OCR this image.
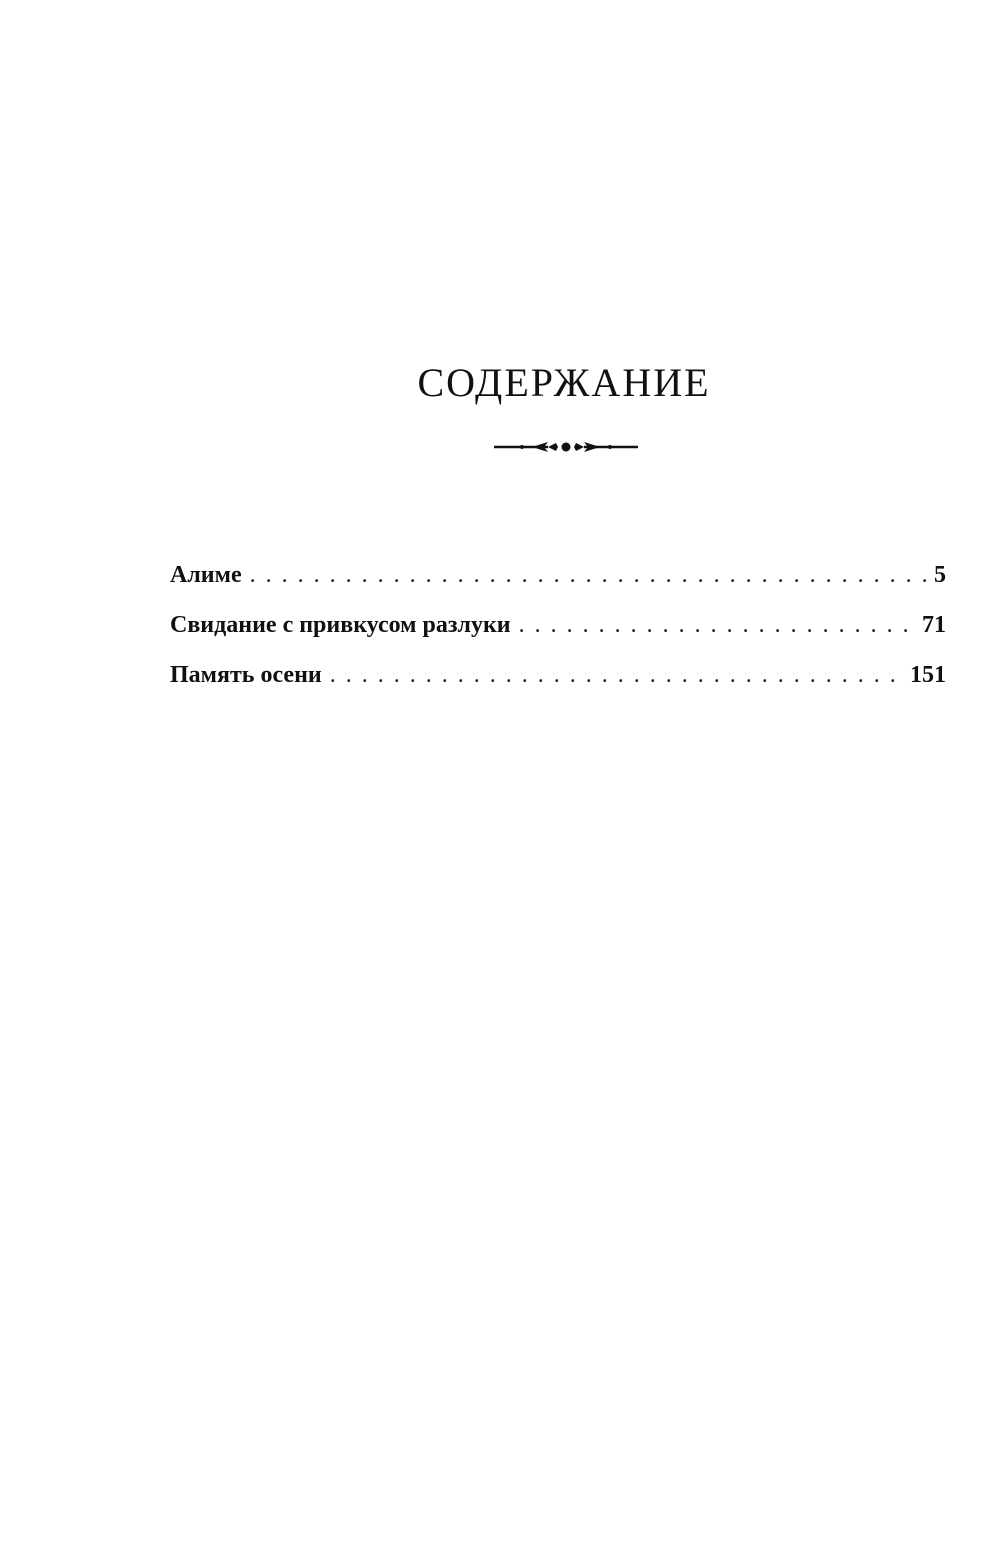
СОДЕРЖАНИЕ
Алиме . . .	5
Свидание с привкусом разлуки . . .	71
Память осени . . .	151
